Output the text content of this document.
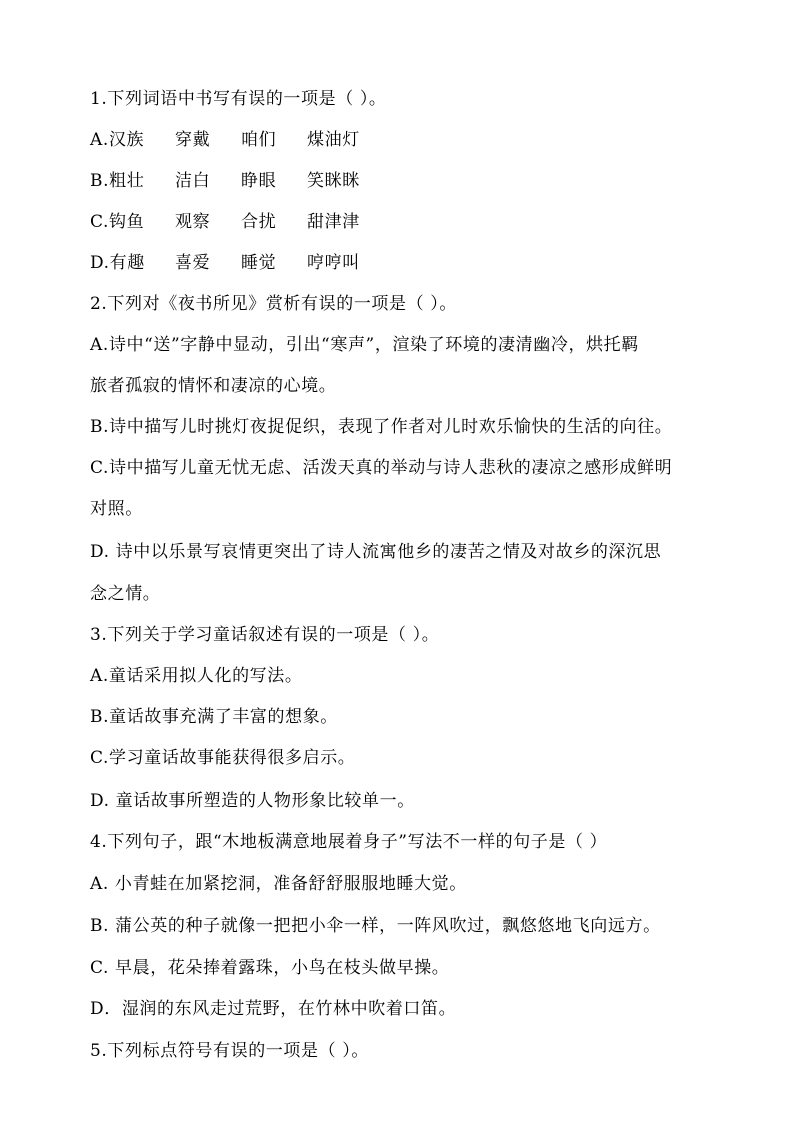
1.下列词语中书写有误的一项是（ ）。
A.汉族 穿戴 咱们 煤油灯
B.粗壮 洁白 睁眼 笑眯眯
C.钩鱼 观察 合扰 甜津津
D.有趣 喜爱 睡觉 哼哼叫
2.下列对《夜书所见》赏析有误的一项是（ ）。
A.诗中“送”字静中显动，引出“寒声”，渲染了环境的凄清幽冷，烘托羁
旅者孤寂的情怀和凄凉的心境。
B.诗中描写儿时挑灯夜捉促织，表现了作者对儿时欢乐愉快的生活的向往。
C.诗中描写儿童无忧无虑、活泼天真的举动与诗人悲秋的凄凉之感形成鲜明
对照。
D. 诗中以乐景写哀情更突出了诗人流寓他乡的凄苦之情及对故乡的深沉思
念之情。
3.下列关于学习童话叙述有误的一项是（ ）。
A.童话采用拟人化的写法。
B.童话故事充满了丰富的想象。
C.学习童话故事能获得很多启示。
D. 童话故事所塑造的人物形象比较单一。
4.下列句子，跟“木地板满意地展着身子”写法不一样的句子是（ ）
A. 小青蛙在加紧挖洞，准备舒舒服服地睡大觉。
B. 蒲公英的种子就像一把把小伞一样，一阵风吹过，飘悠悠地飞向远方。
C. 早晨，花朵捧着露珠，小鸟在枝头做早操。
D．湿润的东风走过荒野，在竹林中吹着口笛。
5.下列标点符号有误的一项是（ ）。
